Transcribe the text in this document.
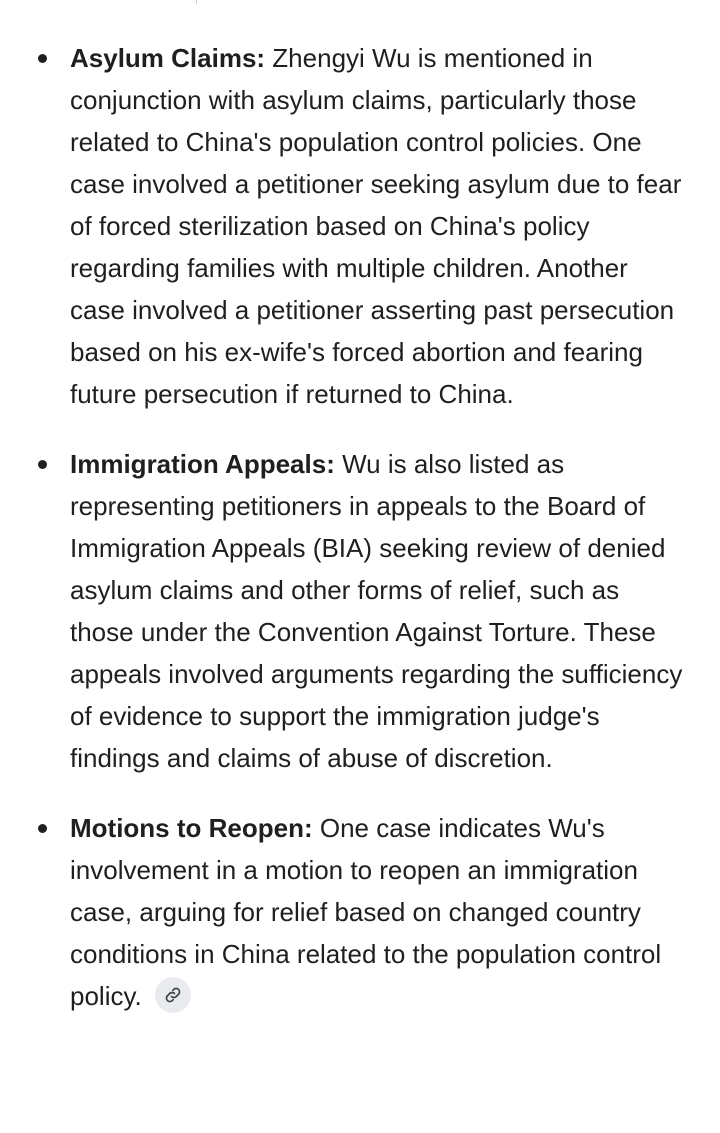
Asylum Claims: Zhengyi Wu is mentioned in conjunction with asylum claims, particularly those related to China's population control policies. One case involved a petitioner seeking asylum due to fear of forced sterilization based on China's policy regarding families with multiple children. Another case involved a petitioner asserting past persecution based on his ex-wife's forced abortion and fearing future persecution if returned to China.
Immigration Appeals: Wu is also listed as representing petitioners in appeals to the Board of Immigration Appeals (BIA) seeking review of denied asylum claims and other forms of relief, such as those under the Convention Against Torture. These appeals involved arguments regarding the sufficiency of evidence to support the immigration judge's findings and claims of abuse of discretion.
Motions to Reopen: One case indicates Wu's involvement in a motion to reopen an immigration case, arguing for relief based on changed country conditions in China related to the population control policy.
